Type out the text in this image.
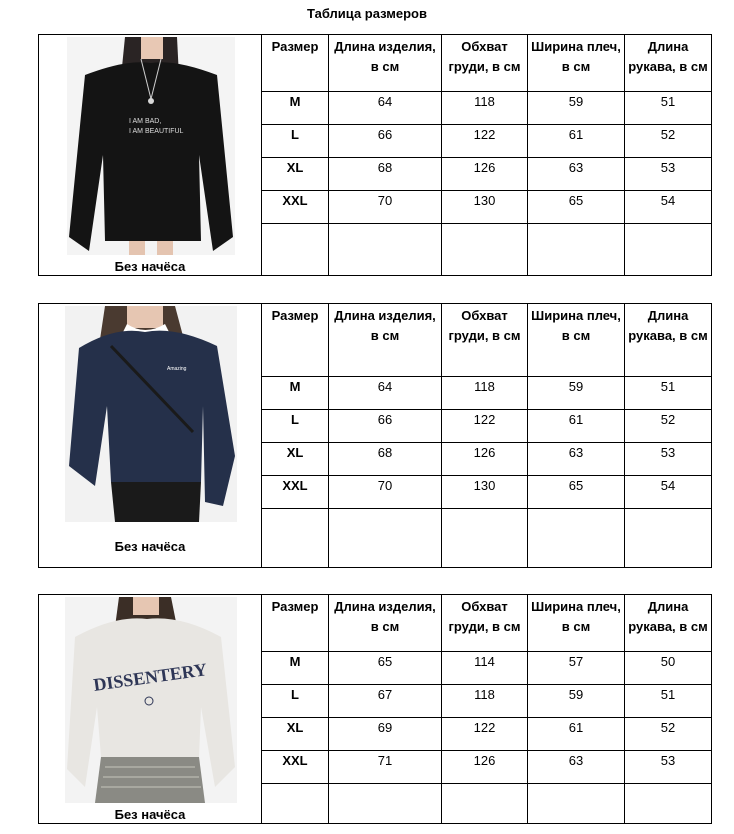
Таблица размеров
I AM BAD,
I AM BEAUTIFUL
Без начёса	Размер	Длина изделия, в см	Обхват груди, в см	Ширина плеч, в см	Длина рукава, в см
	M	64	118	59	51
	L	66	122	61	52
	XL	68	126	63	53
	XXL	70	130	65	54

Amazing
Без начёса	Размер	Длина изделия, в см	Обхват груди, в см	Ширина плеч, в см	Длина рукава, в см
	M	64	118	59	51
	L	66	122	61	52
	XL	68	126	63	53
	XXL	70	130	65	54

DISSENTERY
Без начёса	Размер	Длина изделия, в см	Обхват груди, в см	Ширина плеч, в см	Длина рукава, в см
	M	65	114	57	50
	L	67	118	59	51
	XL	69	122	61	52
	XXL	71	126	63	53
